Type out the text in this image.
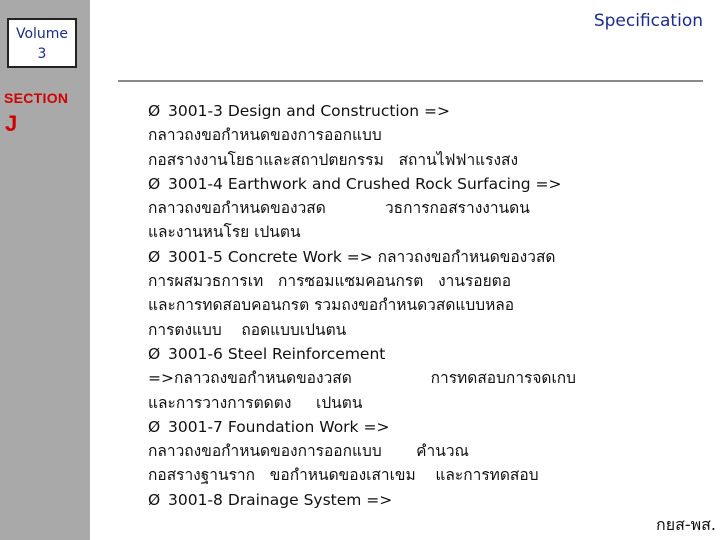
Volume
3
SECTION
J
Specification
Ø 3001-3 Design and Construction =>
กลาวถงขอกำหนดของการออกแบบ
กอสรางงานโยธาและสถาปตยกรรม   สถานไฟฟาแรงสง
Ø 3001-4 Earthwork and Crushed Rock Surfacing =>
กลาวถงขอกำหนดของวสด            วธการกอสรางงานดน
และงานหนโรย เปนตน
Ø 3001-5 Concrete Work => กลาวถงขอกำหนดของวสด
การผสมวธการเท   การซอมแซมคอนกรต   งานรอยตอ
และการทดสอบคอนกรต รวมถงขอกำหนดวสดแบบหลอ
การตงแบบ    ถอดแบบเปนตน
Ø 3001-6 Steel Reinforcement
=>กลาวถงขอกำหนดของวสด                การทดสอบการจดเกบ
และการวางการตดตง     เปนตน
Ø 3001-7 Foundation Work =>
กลาวถงขอกำหนดของการออกแบบ       คำนวณ
กอสรางฐานราก   ขอกำหนดของเสาเขม    และการทดสอบ
Ø 3001-8 Drainage System =>
กยส-พส.
